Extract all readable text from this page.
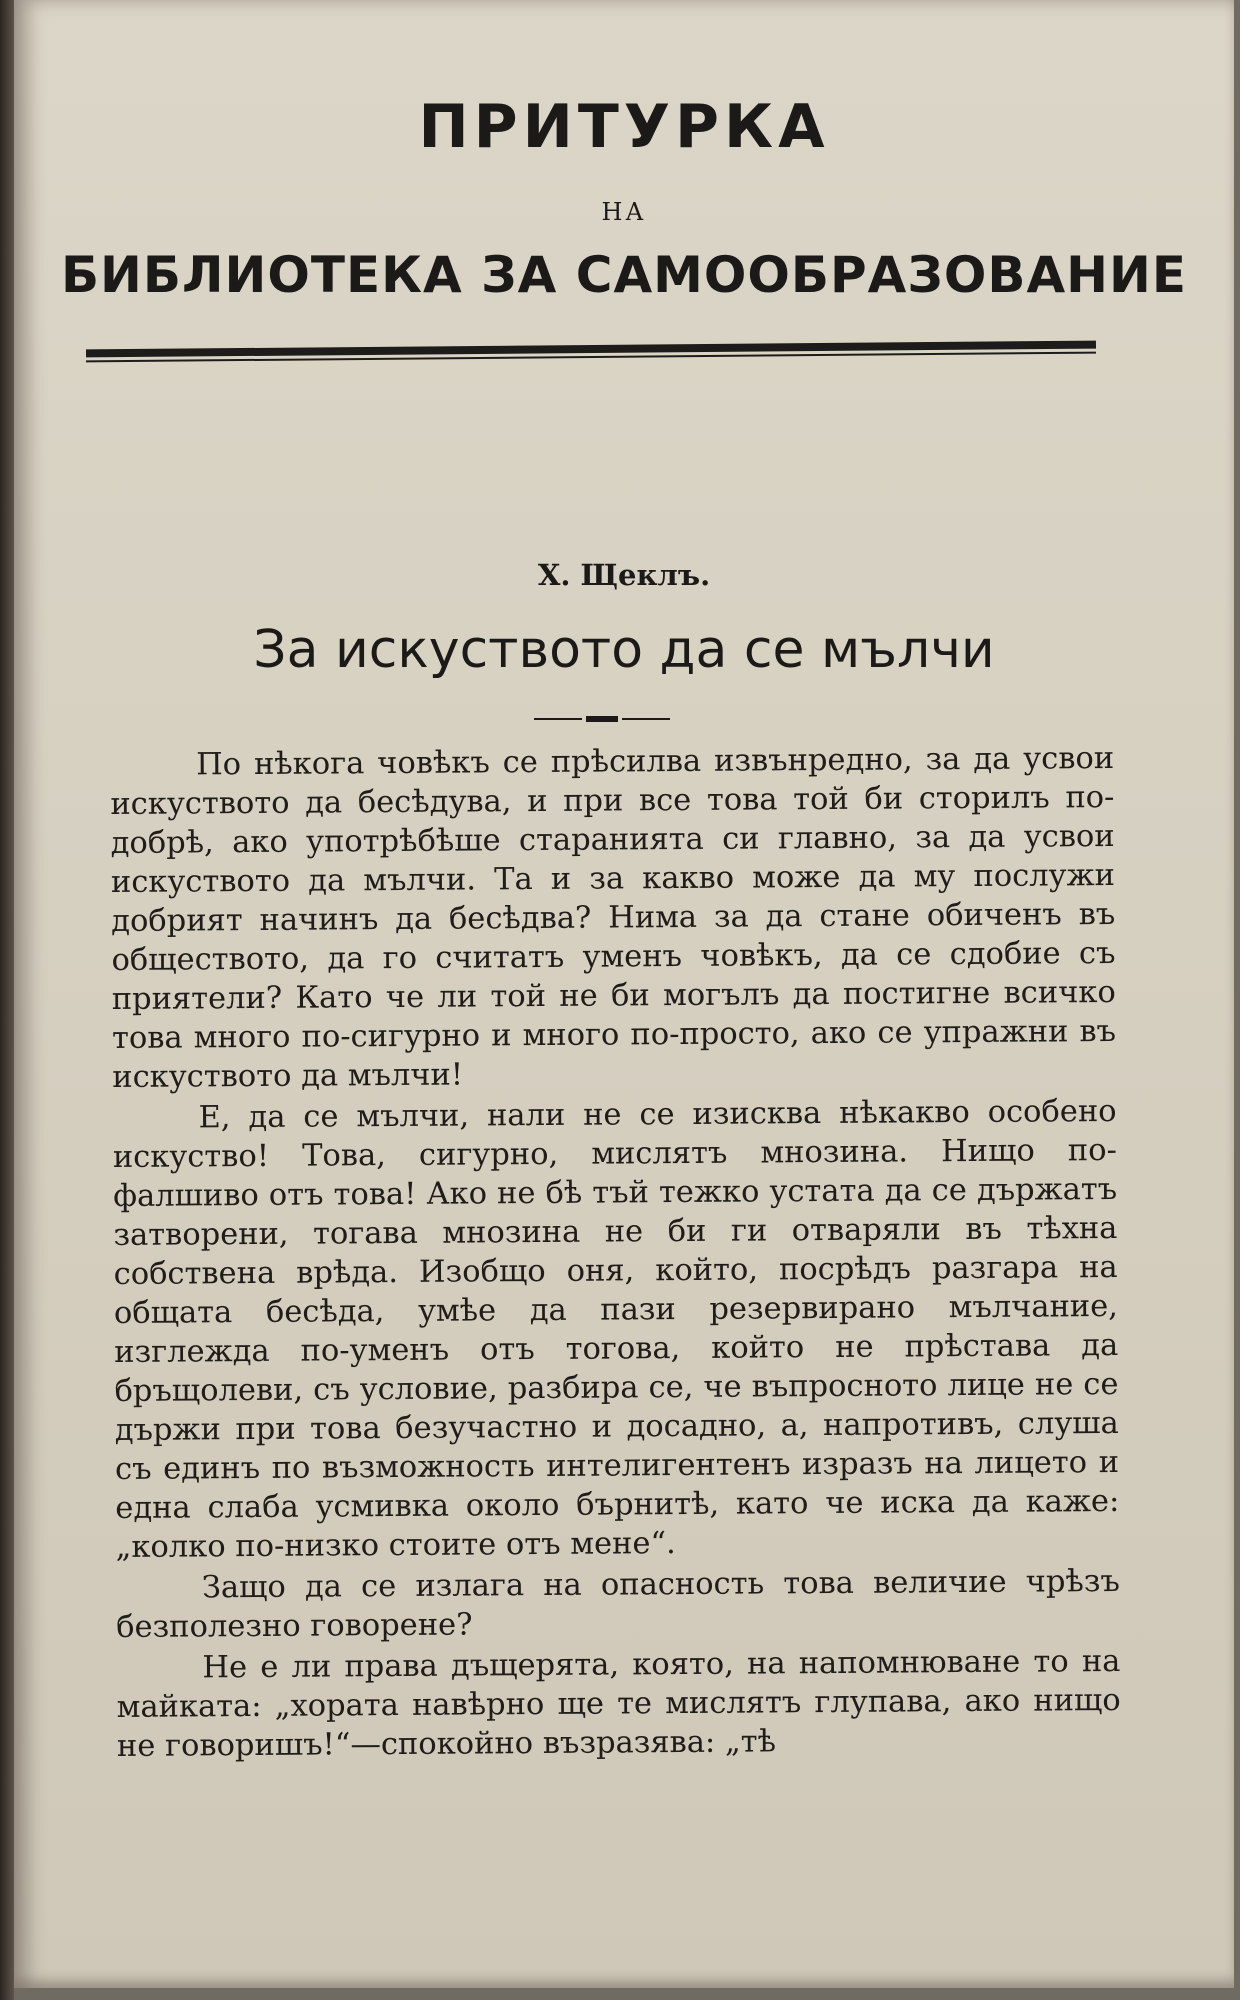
ПРИТУРКА
НА
БИБЛИОТЕКА ЗА САМООБРАЗОВАНИЕ
Х. Щеклъ.
За искуството да се мълчи

По нѣкога човѣкъ се прѣсилва извънредно, за да усвои искуството да бесѣдува, и при все това той би сторилъ по-добрѣ, ако употрѣбѣше старанията си главно, за да усвои искуството да мълчи. Та и за какво може да му послужи добрият начинъ да бесѣдва? Нима за да стане обиченъ въ обществото, да го считатъ уменъ човѣкъ, да се сдобие съ приятели? Като че ли той не би могълъ да постигне всичко това много по-сигурно и много по-просто, ако се упражни въ искуството да мълчи!

Е, да се мълчи, нали не се изисква нѣкакво особено искуство! Това, сигурно, мислятъ мнозина. Нищо по-фалшиво отъ това! Ако не бѣ тъй тежко устата да се държатъ затворени, тогава мнозина не би ги отваряли въ тѣхна собствена врѣда. Изобщо оня, който, посрѣдъ разгара на общата бесѣда, умѣе да пази резервирано мълчание, изглежда по-уменъ отъ тогова, който не прѣстава да бръщолеви, съ условие, разбира се, че въпросното лице не се държи при това безучастно и досадно, а, напротивъ, слуша съ единъ по възможность интелигентенъ изразъ на лицето и една слаба усмивка около бърнитѣ, като че иска да каже: „колко по-низко стоите отъ мене“.

Защо да се излага на опасность това величие чрѣзъ безполезно говорене?

Не е ли права дъщерята, която, на напомнюване то на майката: „хората навѣрно ще те мислятъ глупава, ако нищо не говоришъ!“—спокойно възразява: „тѣ
